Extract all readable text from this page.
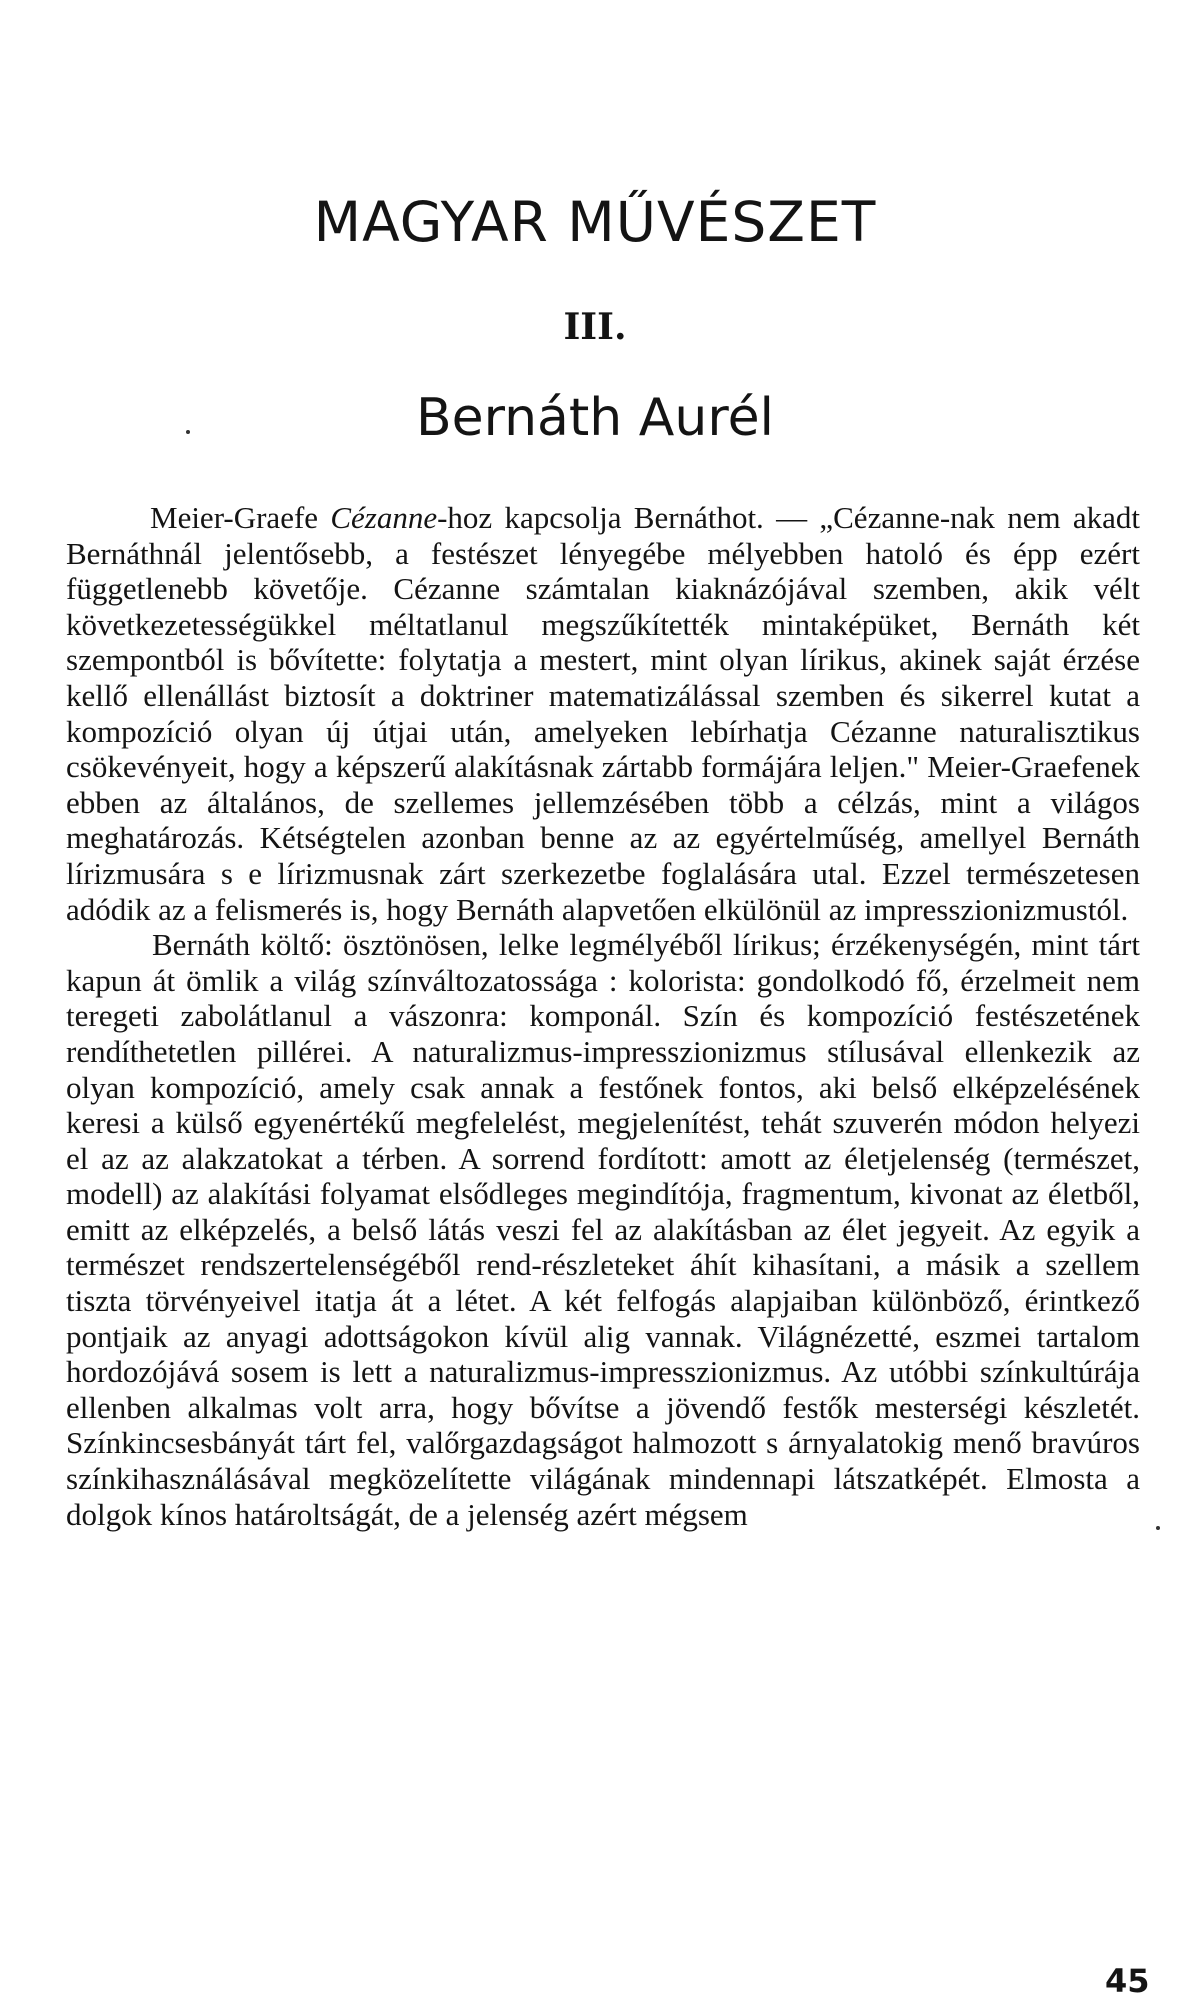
MAGYAR MŰVÉSZET
III.
Bernáth Aurél

Meier-Graefe Cézanne-hoz kapcsolja Bernáthot. — „Cézanne-nak nem akadt Bernáthnál jelentősebb, a festészet lényegébe mélyebben hatoló és épp ezért függetlenebb követője. Cézanne számtalan kiaknázójával szemben, akik vélt következetességükkel méltatlanul megszűkítették mintaképüket, Bernáth két szempontból is bővítette: folytatja a mestert, mint olyan lírikus, akinek saját érzése kellő ellenállást biztosít a doktriner matematizálással szemben és sikerrel kutat a kompozíció olyan új útjai után, amelyeken lebírhatja Cézanne naturalisztikus csökevényeit, hogy a képszerű alakításnak zártabb formájára leljen." Meier-Graefenek ebben az általános, de szellemes jellemzésében több a célzás, mint a világos meghatározás. Kétségtelen azonban benne az az egyértelműség, amellyel Bernáth lírizmusára s e lírizmusnak zárt szerkezetbe foglalására utal. Ezzel természetesen adódik az a felismerés is, hogy Bernáth alapvetően elkülönül az impresszionizmustól.

Bernáth költő: ösztönösen, lelke legmélyéből lírikus; érzékenységén, mint tárt kapun át ömlik a világ színváltozatossága : kolorista: gondolkodó fő, érzelmeit nem teregeti zabolátlanul a vászonra: komponál. Szín és kompozíció festészetének rendíthetetlen pillérei. A naturalizmus-impresszionizmus stílusával ellenkezik az olyan kompozíció, amely csak annak a festőnek fontos, aki belső elképzelésének keresi a külső egyenértékű megfelelést, megjelenítést, tehát szuverén módon helyezi el az az alakzatokat a térben. A sorrend fordított: amott az életjelenség (természet, modell) az alakítási folyamat elsődleges megindítója, fragmentum, kivonat az életből, emitt az elképzelés, a belső látás veszi fel az alakításban az élet jegyeit. Az egyik a természet rendszertelenségéből rend-részleteket áhít kihasítani, a másik a szellem tiszta törvényeivel itatja át a létet. A két felfogás alapjaiban különböző, érintkező pontjaik az anyagi adottságokon kívül alig vannak. Világnézetté, eszmei tartalom hordozójává sosem is lett a naturalizmus-impresszionizmus. Az utóbbi színkultúrája ellenben alkalmas volt arra, hogy bővítse a jövendő festők mesterségi készletét. Színkincsesbányát tárt fel, valőrgazdagságot halmozott s árnyalatokig menő bravúros színkihasználásával megközelítette világának mindennapi látszatképét. Elmosta a dolgok kínos határoltságát, de a jelenség azért mégsem

45
